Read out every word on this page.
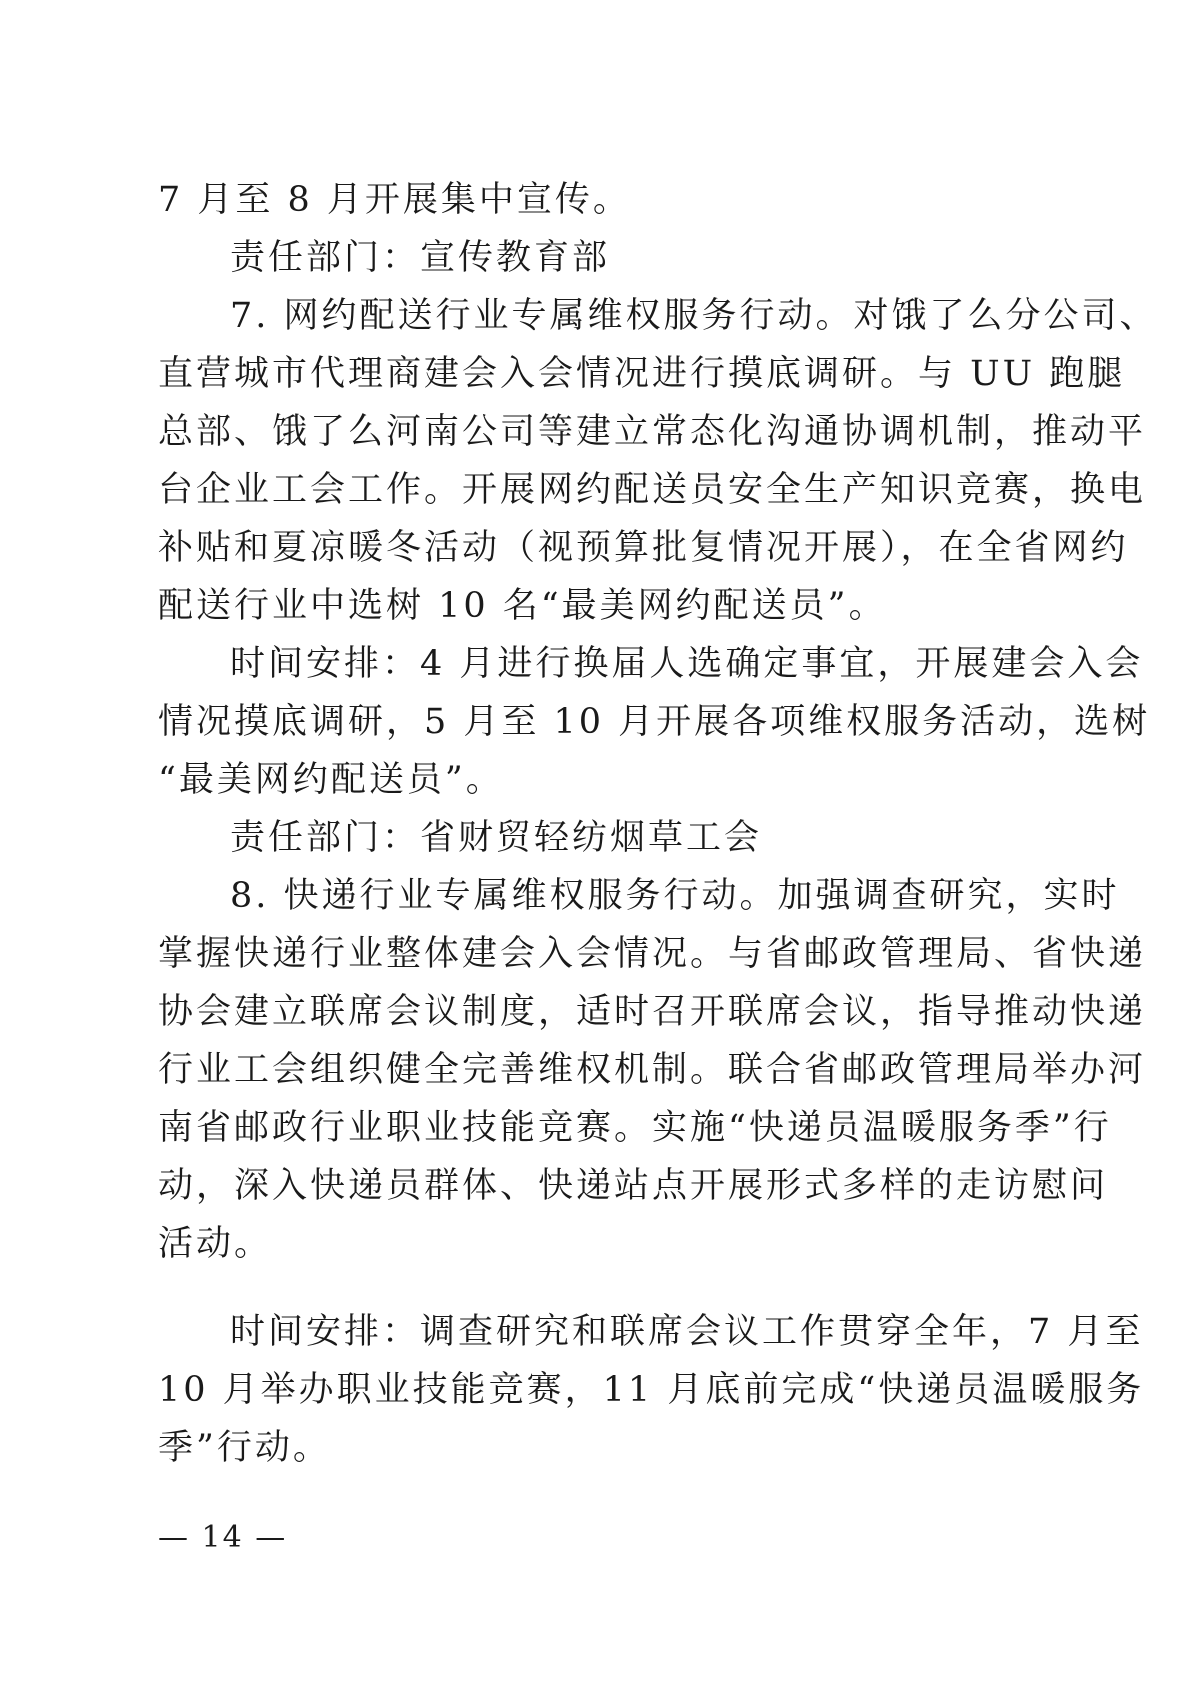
7 月至 8 月开展集中宣传。
责任部门：宣传教育部
7. 网约配送行业专属维权服务行动。对饿了么分公司、
直营城市代理商建会入会情况进行摸底调研。与 UU 跑腿
总部、饿了么河南公司等建立常态化沟通协调机制，推动平
台企业工会工作。开展网约配送员安全生产知识竞赛，换电
补贴和夏凉暖冬活动（视预算批复情况开展），在全省网约
配送行业中选树 10 名“最美网约配送员”。
时间安排：4 月进行换届人选确定事宜，开展建会入会
情况摸底调研，5 月至 10 月开展各项维权服务活动，选树
“最美网约配送员”。
责任部门：省财贸轻纺烟草工会
8. 快递行业专属维权服务行动。加强调查研究，实时
掌握快递行业整体建会入会情况。与省邮政管理局、省快递
协会建立联席会议制度，适时召开联席会议，指导推动快递
行业工会组织健全完善维权机制。联合省邮政管理局举办河
南省邮政行业职业技能竞赛。实施“快递员温暖服务季”行
动，深入快递员群体、快递站点开展形式多样的走访慰问
活动。
时间安排：调查研究和联席会议工作贯穿全年，7 月至
10 月举办职业技能竞赛，11 月底前完成“快递员温暖服务
季”行动。
— 14 —
